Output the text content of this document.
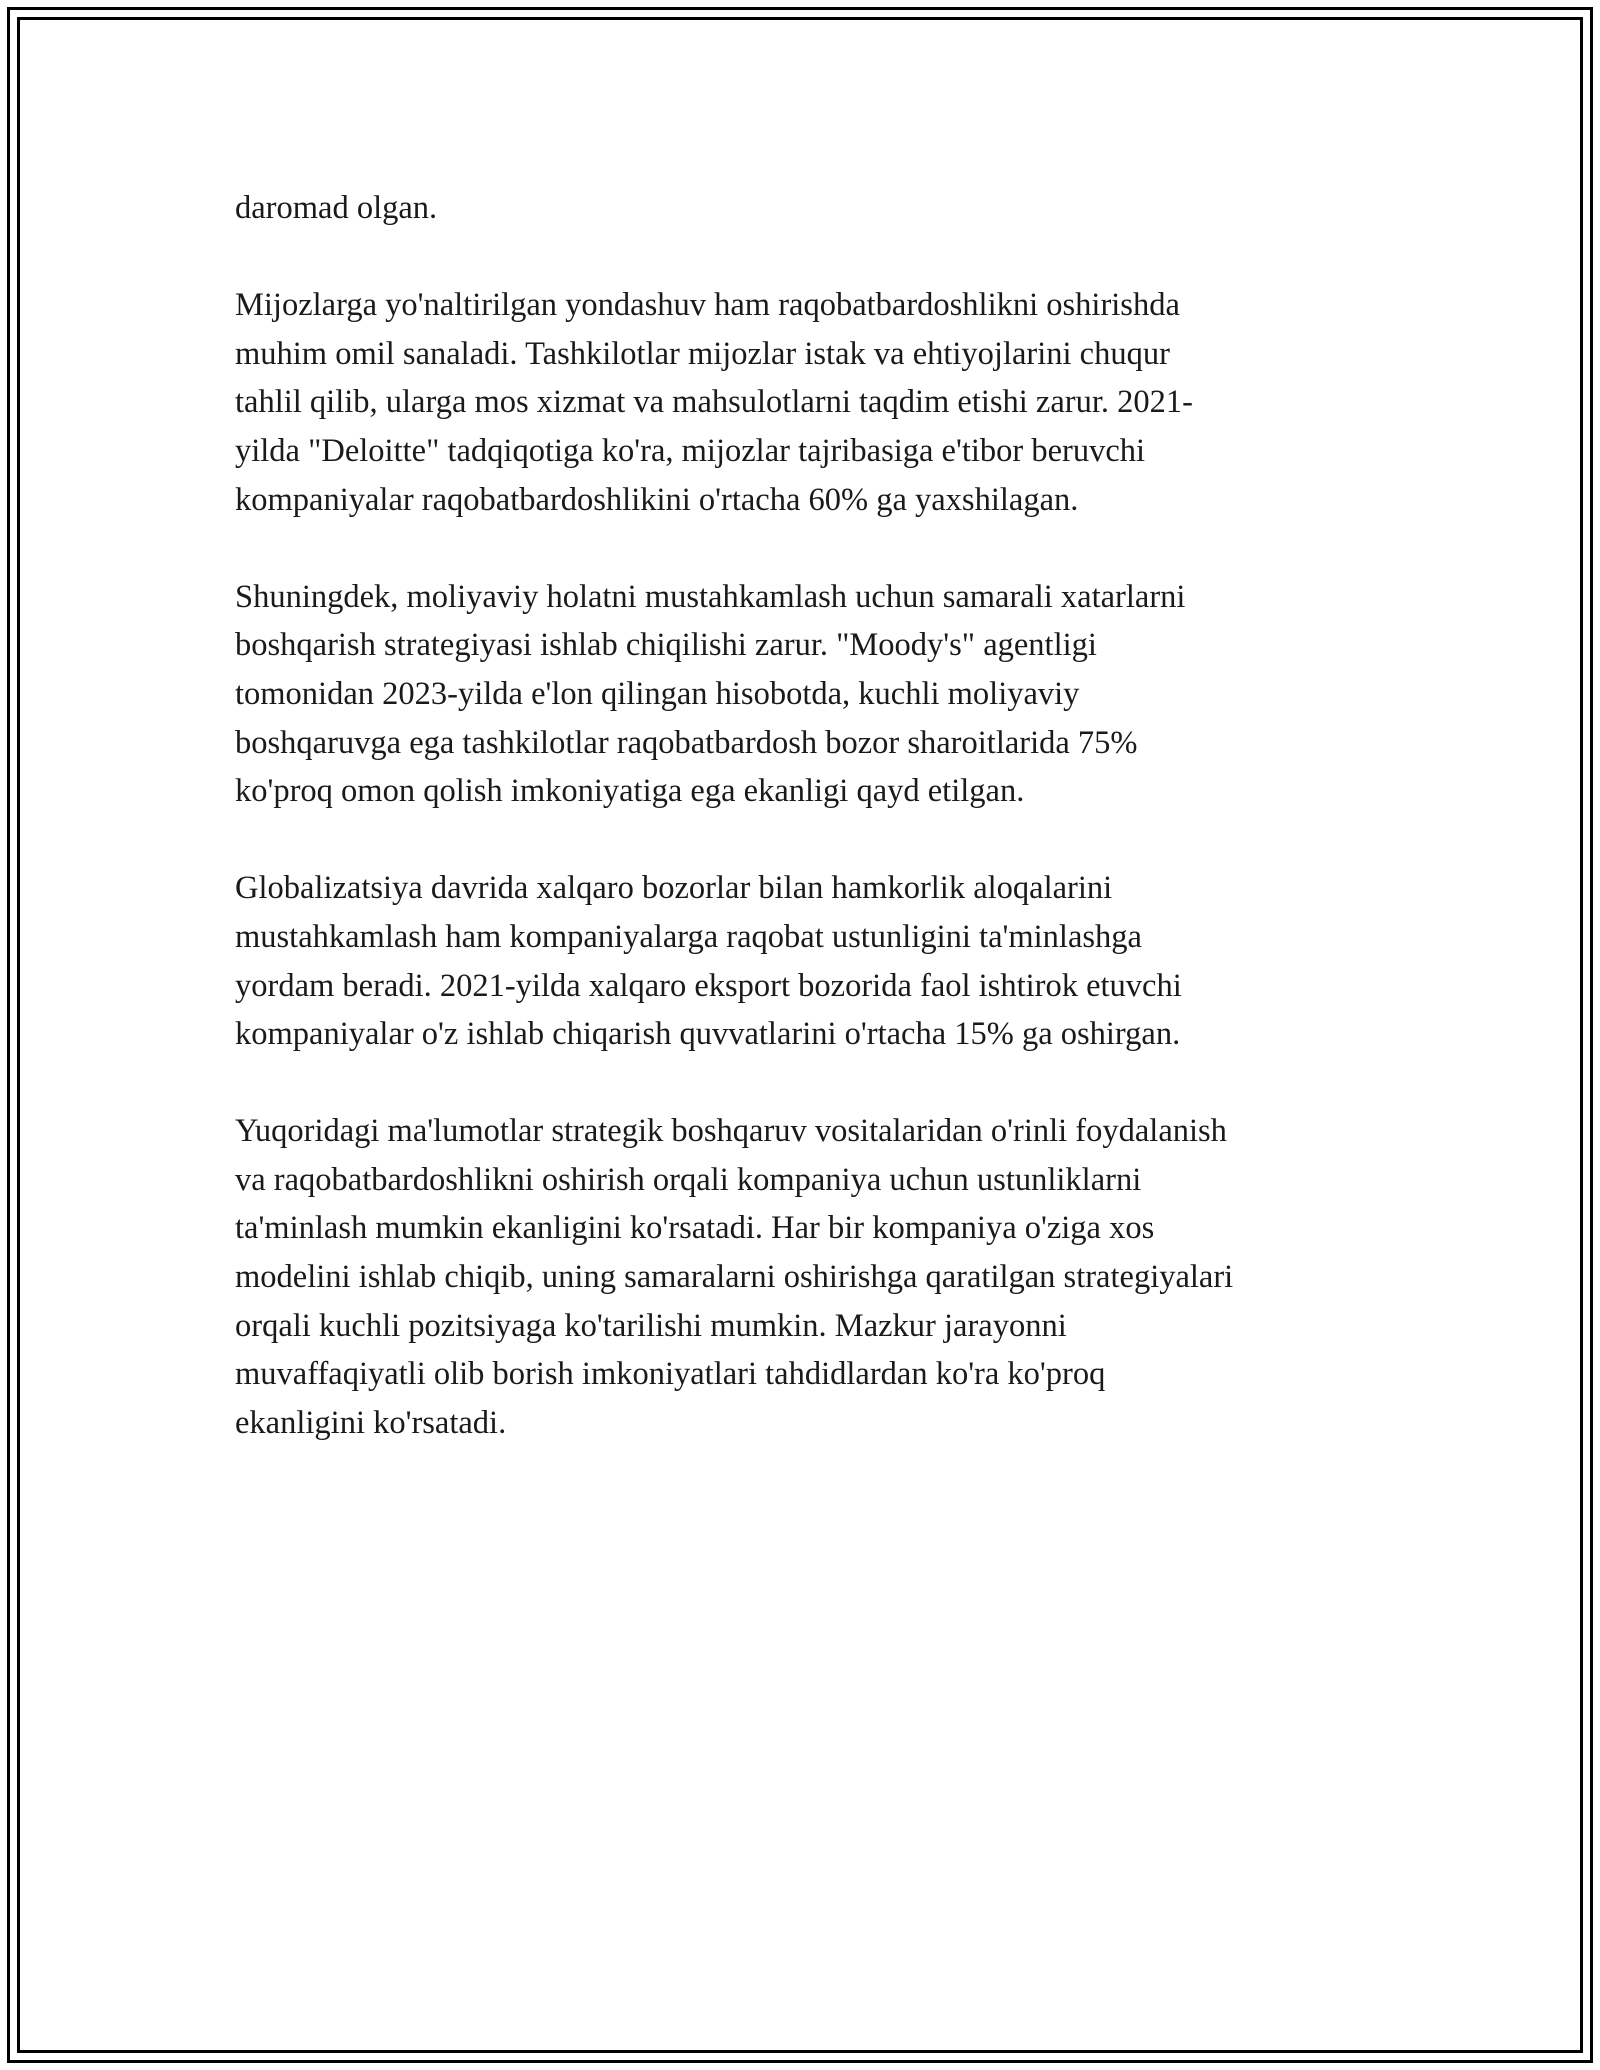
daromad olgan.

Mijozlarga yo'naltirilgan yondashuv ham raqobatbardoshlikni oshirishda
muhim omil sanaladi. Tashkilotlar mijozlar istak va ehtiyojlarini chuqur
tahlil qilib, ularga mos xizmat va mahsulotlarni taqdim etishi zarur. 2021-
yilda "Deloitte" tadqiqotiga ko'ra, mijozlar tajribasiga e'tibor beruvchi
kompaniyalar raqobatbardoshlikini o'rtacha 60% ga yaxshilagan.

Shuningdek, moliyaviy holatni mustahkamlash uchun samarali xatarlarni
boshqarish strategiyasi ishlab chiqilishi zarur. "Moody's" agentligi
tomonidan 2023-yilda e'lon qilingan hisobotda, kuchli moliyaviy
boshqaruvga ega tashkilotlar raqobatbardosh bozor sharoitlarida 75%
ko'proq omon qolish imkoniyatiga ega ekanligi qayd etilgan.

Globalizatsiya davrida xalqaro bozorlar bilan hamkorlik aloqalarini
mustahkamlash ham kompaniyalarga raqobat ustunligini ta'minlashga
yordam beradi. 2021-yilda xalqaro eksport bozorida faol ishtirok etuvchi
kompaniyalar o'z ishlab chiqarish quvvatlarini o'rtacha 15% ga oshirgan.

Yuqoridagi ma'lumotlar strategik boshqaruv vositalaridan o'rinli foydalanish
va raqobatbardoshlikni oshirish orqali kompaniya uchun ustunliklarni
ta'minlash mumkin ekanligini ko'rsatadi. Har bir kompaniya o'ziga xos
modelini ishlab chiqib, uning samaralarni oshirishga qaratilgan strategiyalari
orqali kuchli pozitsiyaga ko'tarilishi mumkin. Mazkur jarayonni
muvaffaqiyatli olib borish imkoniyatlari tahdidlardan ko'ra ko'proq
ekanligini ko'rsatadi.
